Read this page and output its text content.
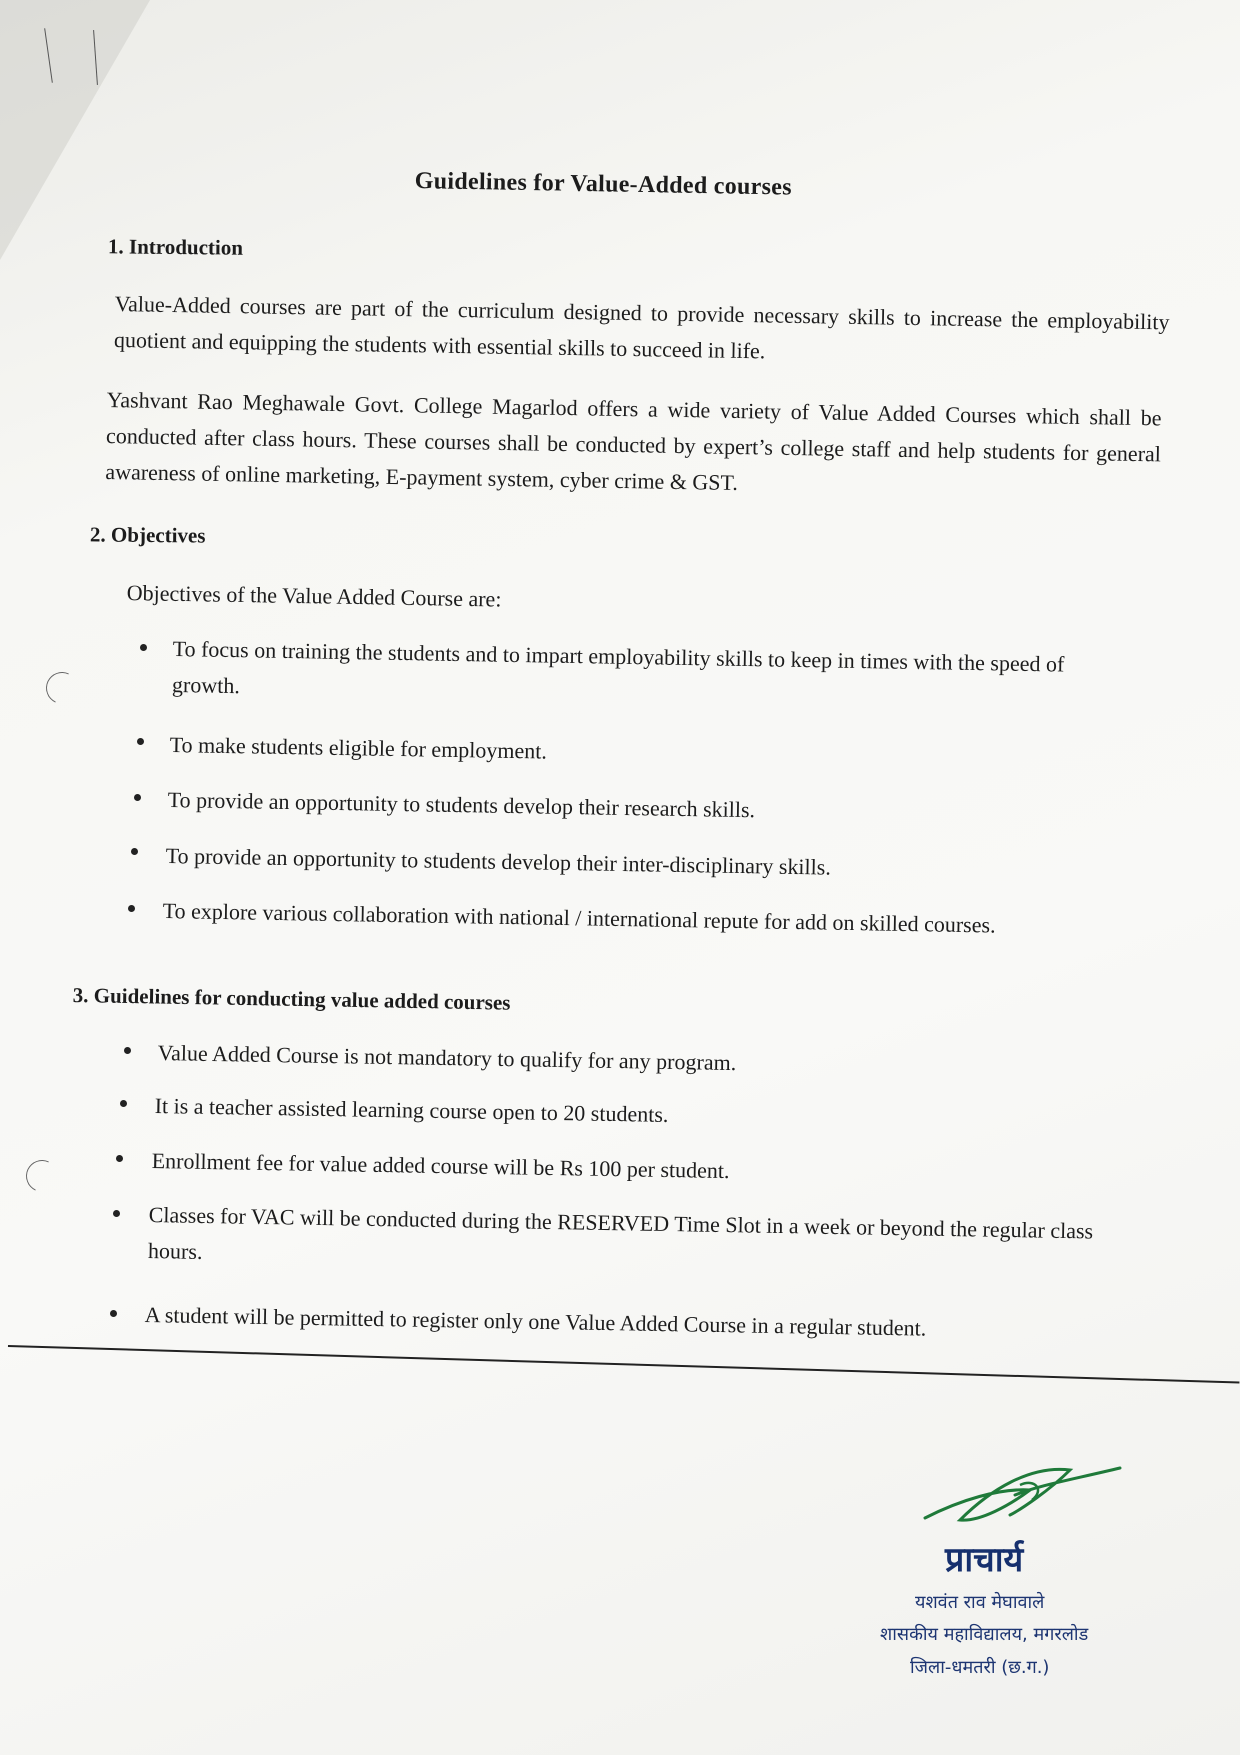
Guidelines for Value-Added courses
1. Introduction
Value-Added courses are part of the curriculum designed to provide necessary skills to increase the employability quotient and equipping the students with essential skills to succeed in life.
Yashvant Rao Meghawale Govt. College Magarlod offers a wide variety of Value Added Courses which shall be conducted after class hours. These courses shall be conducted by expert’s college staff and help students for general awareness of online marketing, E-payment system, cyber crime & GST.
2. Objectives
Objectives of the Value Added Course are:
To focus on training the students and to impart employability skills to keep in times with the speed of growth.
To make students eligible for employment.
To provide an opportunity to students develop their research skills.
To provide an opportunity to students develop their inter-disciplinary skills.
To explore various collaboration with national / international repute for add on skilled courses.
3. Guidelines for conducting value added courses
Value Added Course is not mandatory to qualify for any program.
It is a teacher assisted learning course open to 20 students.
Enrollment fee for value added course will be Rs 100 per student.
Classes for VAC will be conducted during the RESERVED Time Slot in a week or beyond the regular class hours.
A student will be permitted to register only one Value Added Course in a regular student.
प्राचार्य
यशवंत राव मेघावाले
शासकीय महाविद्यालय, मगरलोड
जिला-धमतरी (छ.ग.)
